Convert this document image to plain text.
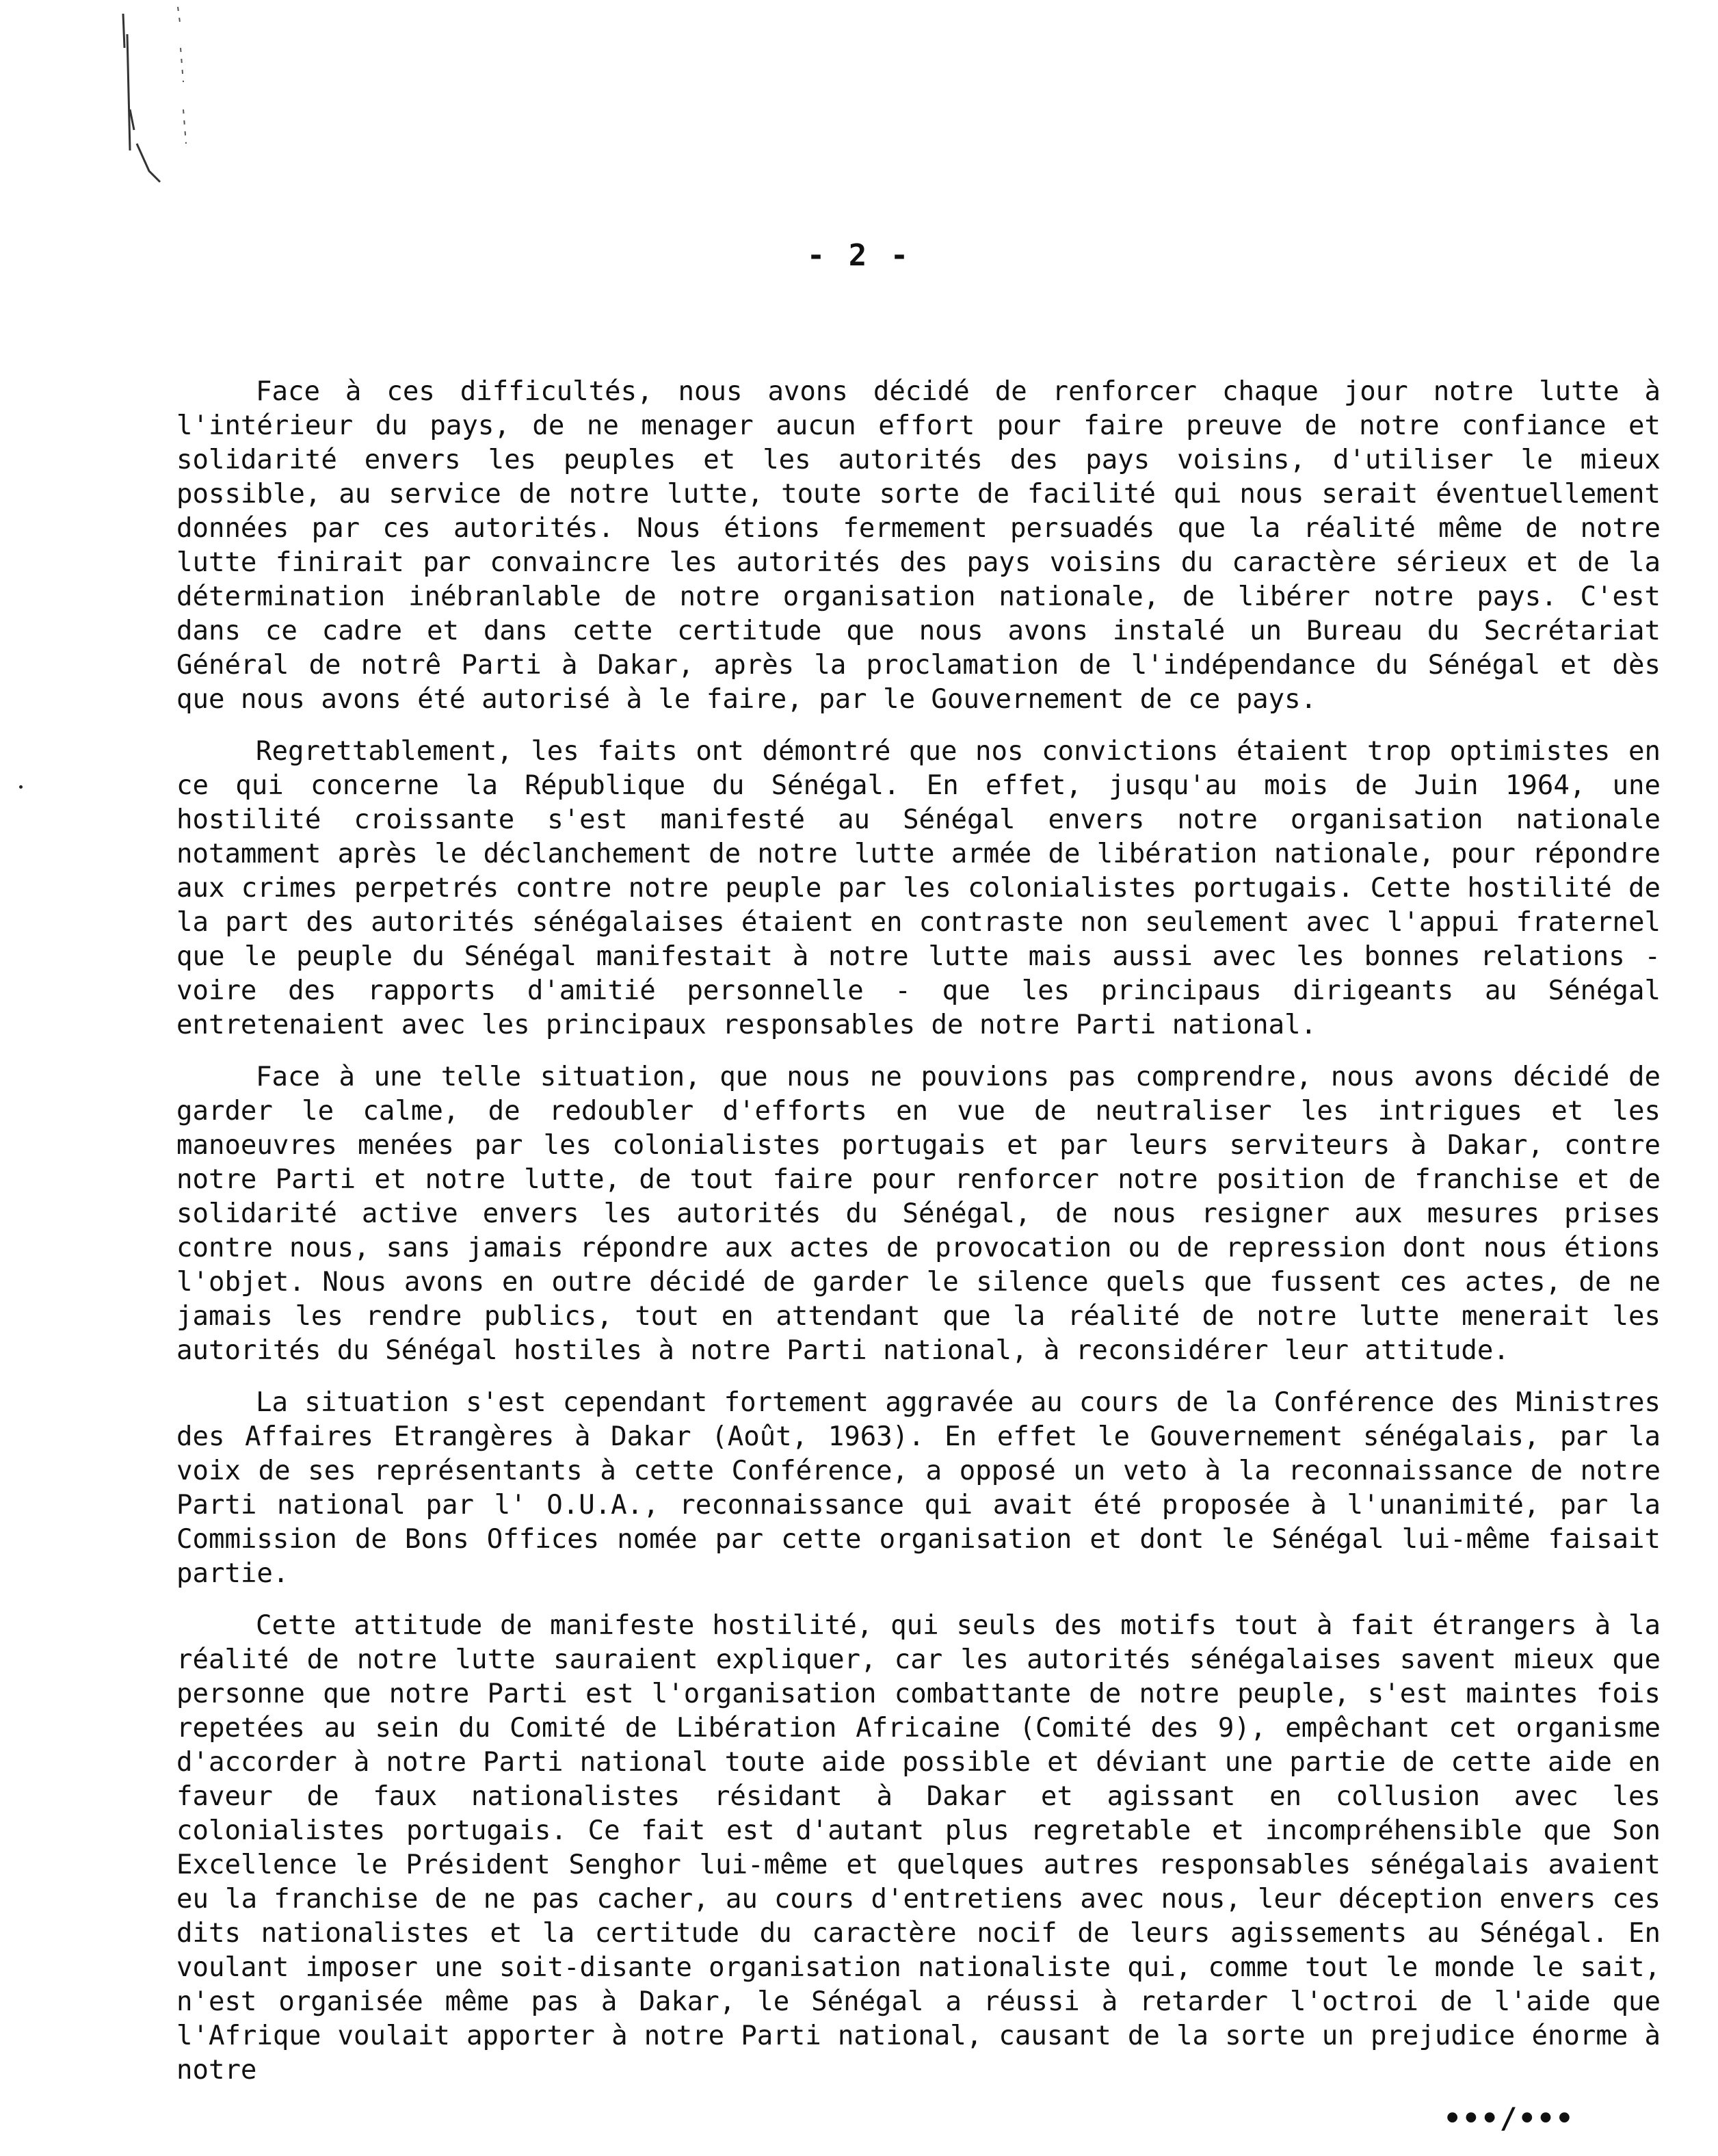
- 2 -

Face à ces difficultés, nous avons décidé de renforcer chaque jour notre lutte à l'intérieur du pays, de ne menager aucun effort pour faire preuve de notre confiance et solidarité envers les peuples et les autorités des pays voisins, d'utiliser le mieux possible, au service de notre lutte, toute sorte de facilité qui nous serait éventuellement données par ces autorités. Nous étions fermement persuadés que la réalité même de notre lutte finirait par convaincre les autorités des pays voisins du caractère sérieux et de la détermination inébranlable de notre organisation nationale, de libérer notre pays. C'est dans ce cadre et dans cette certitude que nous avons instalé un Bureau du Secrétariat Général de notrê Parti à Dakar, après la proclamation de l'indépendance du Sénégal et dès que nous avons été autorisé à le faire, par le Gouvernement de ce pays.

Regrettablement, les faits ont démontré que nos convictions étaient trop optimistes en ce qui concerne la République du Sénégal. En effet, jusqu'au mois de Juin 1964, une hostilité croissante s'est manifesté au Sénégal envers notre organisation nationale notamment après le déclanchement de notre lutte armée de libération nationale, pour répondre aux crimes perpetrés contre notre peuple par les colonialistes portugais. Cette hostilité de la part des autorités sénégalaises étaient en contraste non seulement avec l'appui fraternel que le peuple du Sénégal manifestait à notre lutte mais aussi avec les bonnes relations - voire des rapports d'amitié personnelle - que les principaus dirigeants au Sénégal entretenaient avec les principaux responsables de notre Parti national.

Face à une telle situation, que nous ne pouvions pas comprendre, nous avons décidé de garder le calme, de redoubler d'efforts en vue de neutraliser les intrigues et les manoeuvres menées par les colonialistes portugais et par leurs serviteurs à Dakar, contre notre Parti et notre lutte, de tout faire pour renforcer notre position de franchise et de solidarité active envers les autorités du Sénégal, de nous resigner aux mesures prises contre nous, sans jamais répondre aux actes de provocation ou de repression dont nous étions l'objet. Nous avons en outre décidé de garder le silence quels que fussent ces actes, de ne jamais les rendre publics, tout en attendant que la réalité de notre lutte menerait les autorités du Sénégal hostiles à notre Parti national, à reconsidérer leur attitude.

La situation s'est cependant fortement aggravée au cours de la Conférence des Ministres des Affaires Etrangères à Dakar (Août, 1963). En effet le Gouvernement sénégalais, par la voix de ses représentants à cette Conférence, a opposé un veto à la reconnaissance de notre Parti national par l' O.U.A., reconnaissance qui avait été proposée à l'unanimité, par la Commission de Bons Offices nomée par cette organisation et dont le Sénégal lui-même faisait partie.

Cette attitude de manifeste hostilité, qui seuls des motifs tout à fait étrangers à la réalité de notre lutte sauraient expliquer, car les autorités sénégalaises savent mieux que personne que notre Parti est l'organisation combattante de notre peuple, s'est maintes fois repetées au sein du Comité de Libération Africaine (Comité des 9), empêchant cet organisme d'accorder à notre Parti national toute aide possible et déviant une partie de cette aide en faveur de faux nationalistes résidant à Dakar et agissant en collusion avec les colonialistes portugais. Ce fait est d'autant plus regretable et incompréhensible que Son Excellence le Président Senghor lui-même et quelques autres responsables sénégalais avaient eu la franchise de ne pas cacher, au cours d'entretiens avec nous, leur déception envers ces dits nationalistes et la certitude du caractère nocif de leurs agissements au Sénégal. En voulant imposer une soit-disante organisation nationaliste qui, comme tout le monde le sait, n'est organisée même pas à Dakar, le Sénégal a réussi à retarder l'octroi de l'aide que l'Afrique voulait apporter à notre Parti national, causant de la sorte un prejudice énorme à notre

•••/•••
